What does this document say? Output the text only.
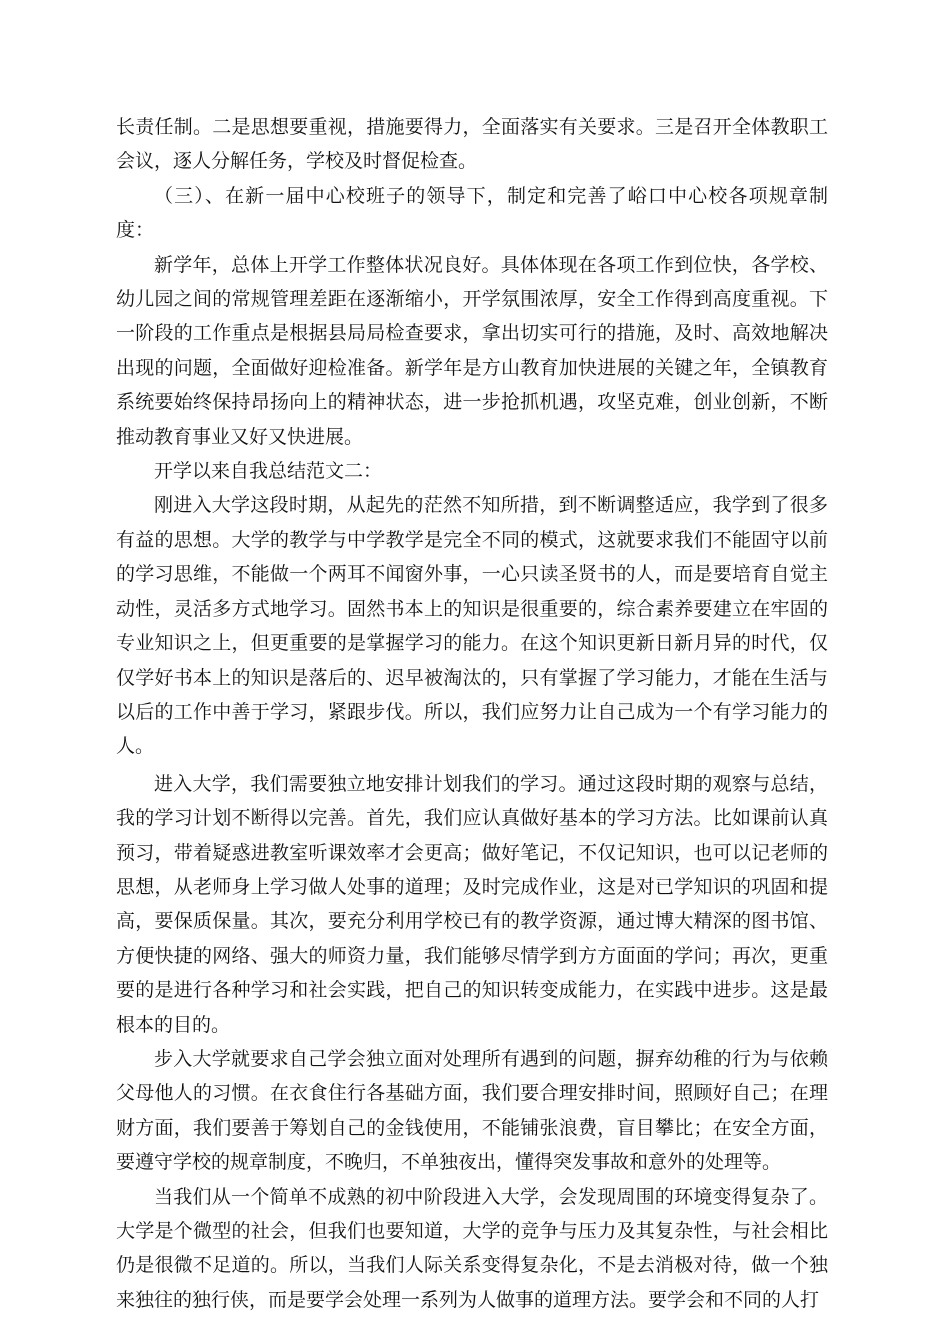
长责任制。二是思想要重视，措施要得力，全面落实有关要求。三是召开全体教职工会议，逐人分解任务，学校及时督促检查。

（三）、在新一届中心校班子的领导下，制定和完善了峪口中心校各项规章制度：

新学年，总体上开学工作整体状况良好。具体体现在各项工作到位快，各学校、幼儿园之间的常规管理差距在逐渐缩小，开学氛围浓厚，安全工作得到高度重视。下一阶段的工作重点是根据县局局检查要求，拿出切实可行的措施，及时、高效地解决出现的问题，全面做好迎检准备。新学年是方山教育加快进展的关键之年，全镇教育系统要始终保持昂扬向上的精神状态，进一步抢抓机遇，攻坚克难，创业创新，不断推动教育事业又好又快进展。

开学以来自我总结范文二：

刚进入大学这段时期，从起先的茫然不知所措，到不断调整适应，我学到了很多有益的思想。大学的教学与中学教学是完全不同的模式，这就要求我们不能固守以前的学习思维，不能做一个两耳不闻窗外事，一心只读圣贤书的人，而是要培育自觉主动性，灵活多方式地学习。固然书本上的知识是很重要的，综合素养要建立在牢固的专业知识之上，但更重要的是掌握学习的能力。在这个知识更新日新月异的时代，仅仅学好书本上的知识是落后的、迟早被淘汰的，只有掌握了学习能力，才能在生活与以后的工作中善于学习，紧跟步伐。所以，我们应努力让自己成为一个有学习能力的人。

进入大学，我们需要独立地安排计划我们的学习。通过这段时期的观察与总结，我的学习计划不断得以完善。首先，我们应认真做好基本的学习方法。比如课前认真预习，带着疑惑进教室听课效率才会更高；做好笔记，不仅记知识，也可以记老师的思想，从老师身上学习做人处事的道理；及时完成作业，这是对已学知识的巩固和提高，要保质保量。其次，要充分利用学校已有的教学资源，通过博大精深的图书馆、方便快捷的网络、强大的师资力量，我们能够尽情学到方方面面的学问；再次，更重要的是进行各种学习和社会实践，把自己的知识转变成能力，在实践中进步。这是最根本的目的。

步入大学就要求自己学会独立面对处理所有遇到的问题，摒弃幼稚的行为与依赖父母他人的习惯。在衣食住行各基础方面，我们要合理安排时间，照顾好自己；在理财方面，我们要善于筹划自己的金钱使用，不能铺张浪费，盲目攀比；在安全方面，要遵守学校的规章制度，不晚归，不单独夜出，懂得突发事故和意外的处理等。

当我们从一个简单不成熟的初中阶段进入大学，会发现周围的环境变得复杂了。大学是个微型的社会，但我们也要知道，大学的竞争与压力及其复杂性，与社会相比仍是很微不足道的。所以，当我们人际关系变得复杂化，不是去消极对待，做一个独来独往的独行侠，而是要学会处理一系列为人做事的道理方法。要学会和不同的人打
